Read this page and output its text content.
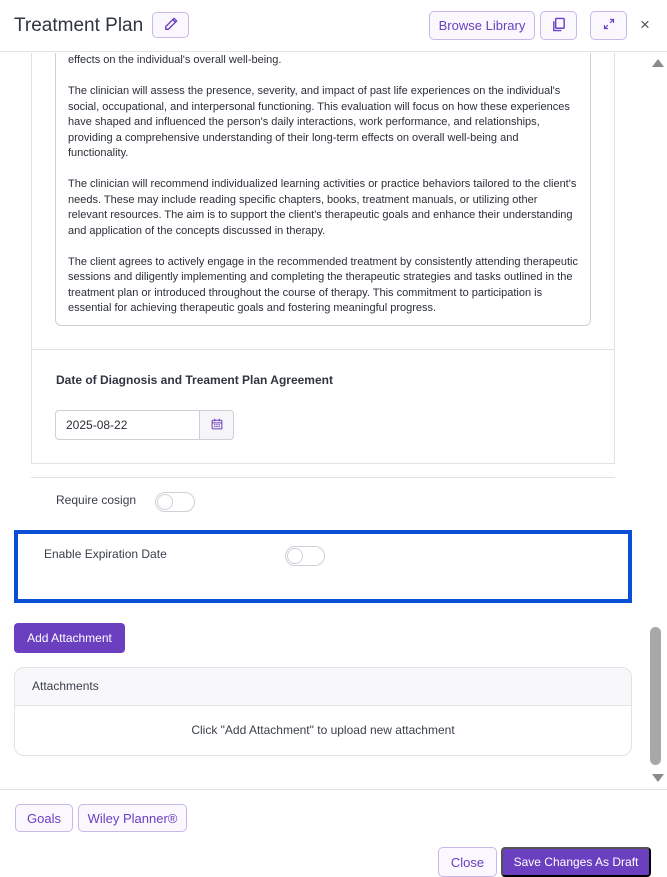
Treatment Plan	Browse Library	×

effects on the individual's overall well-being.

The clinician will assess the presence, severity, and impact of past life experiences on the individual's social, occupational, and interpersonal functioning. This evaluation will focus on how these experiences have shaped and influenced the person's daily interactions, work performance, and relationships, providing a comprehensive understanding of their long-term effects on overall well-being and functionality.

The clinician will recommend individualized learning activities or practice behaviors tailored to the client's needs. These may include reading specific chapters, books, treatment manuals, or utilizing other relevant resources. The aim is to support the client's therapeutic goals and enhance their understanding and application of the concepts discussed in therapy.

The client agrees to actively engage in the recommended treatment by consistently attending therapeutic sessions and diligently implementing and completing the therapeutic strategies and tasks outlined in the treatment plan or introduced throughout the course of therapy. This commitment to participation is essential for achieving therapeutic goals and fostering meaningful progress.

Date of Diagnosis and Treament Plan Agreement
2025-08-22
Require cosign
Enable Expiration Date
Add Attachment
Attachments
Click "Add Attachment" to upload new attachment
Goals	Wiley Planner®
Close	Save Changes As Draft
